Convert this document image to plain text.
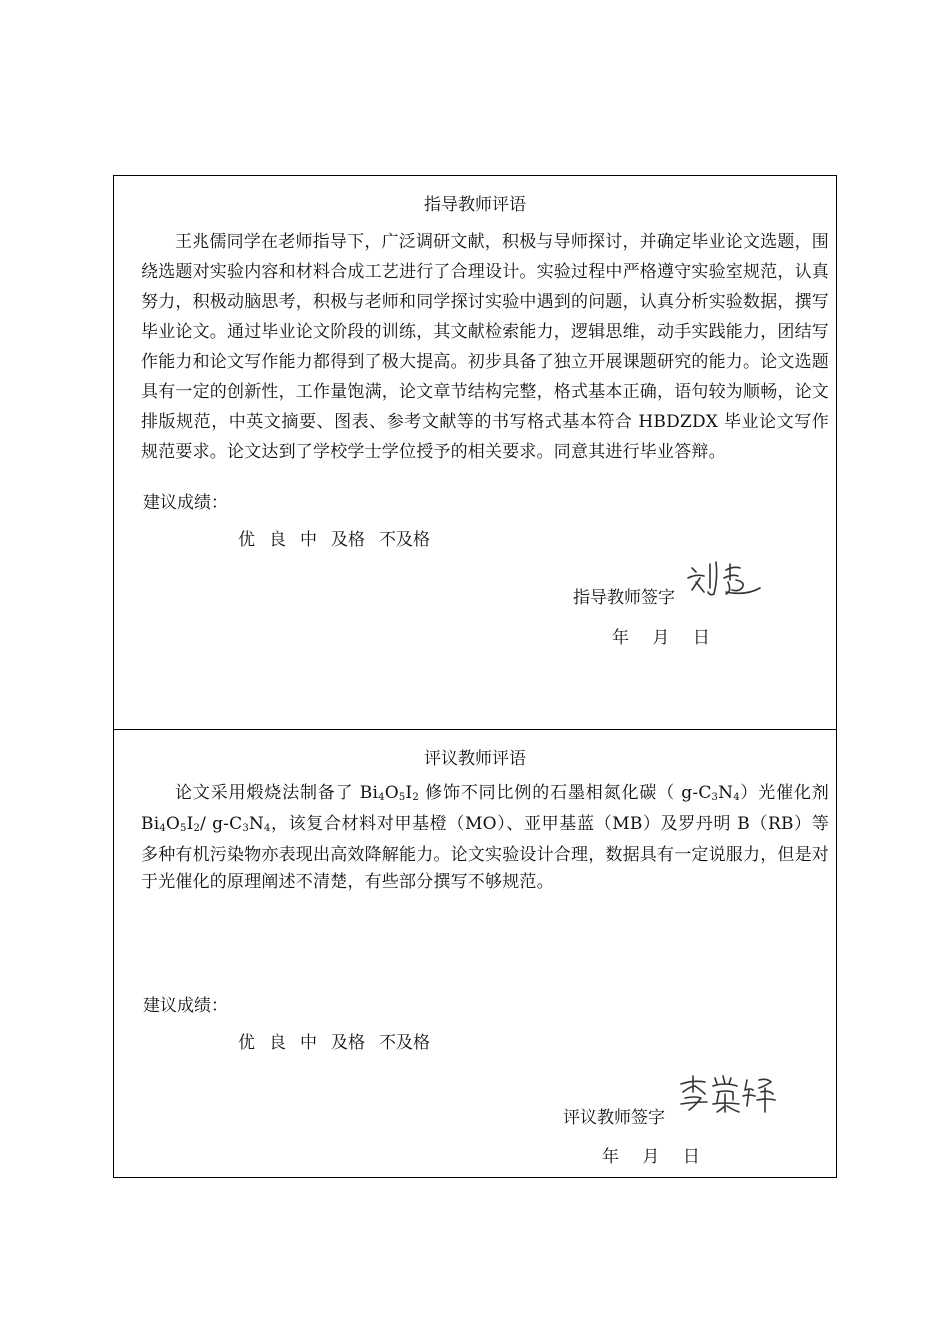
指导教师评语
王兆儒同学在老师指导下，广泛调研文献，积极与导师探讨，并确定毕业论文选题，围绕选题对实验内容和材料合成工艺进行了合理设计。实验过程中严格遵守实验室规范，认真努力，积极动脑思考，积极与老师和同学探讨实验中遇到的问题，认真分析实验数据，撰写毕业论文。通过毕业论文阶段的训练，其文献检索能力，逻辑思维，动手实践能力，团结写作能力和论文写作能力都得到了极大提高。初步具备了独立开展课题研究的能力。论文选题具有一定的创新性，工作量饱满，论文章节结构完整，格式基本正确，语句较为顺畅，论文排版规范，中英文摘要、图表、参考文献等的书写格式基本符合 HBDZDX 毕业论文写作规范要求。论文达到了学校学士学位授予的相关要求。同意其进行毕业答辩。
建议成绩：
优 良 中 及格 不及格
指导教师签字
年 月 日
评议教师评语
论文采用煅烧法制备了 $Bi_4O_5I_2$ 修饰不同比例的石墨相氮化碳（ $g-C_3N_4$）光催化剂 $Bi_4O_5I_2/$ $g-C_3N_4$，该复合材料对甲基橙（MO）、亚甲基蓝（MB）及罗丹明 B（RB）等多种有机污染物亦表现出高效降解能力。论文实验设计合理，数据具有一定说服力，但是对于光催化的原理阐述不清楚，有些部分撰写不够规范。
建议成绩：
优 良 中 及格 不及格
评议教师签字
年 月 日
